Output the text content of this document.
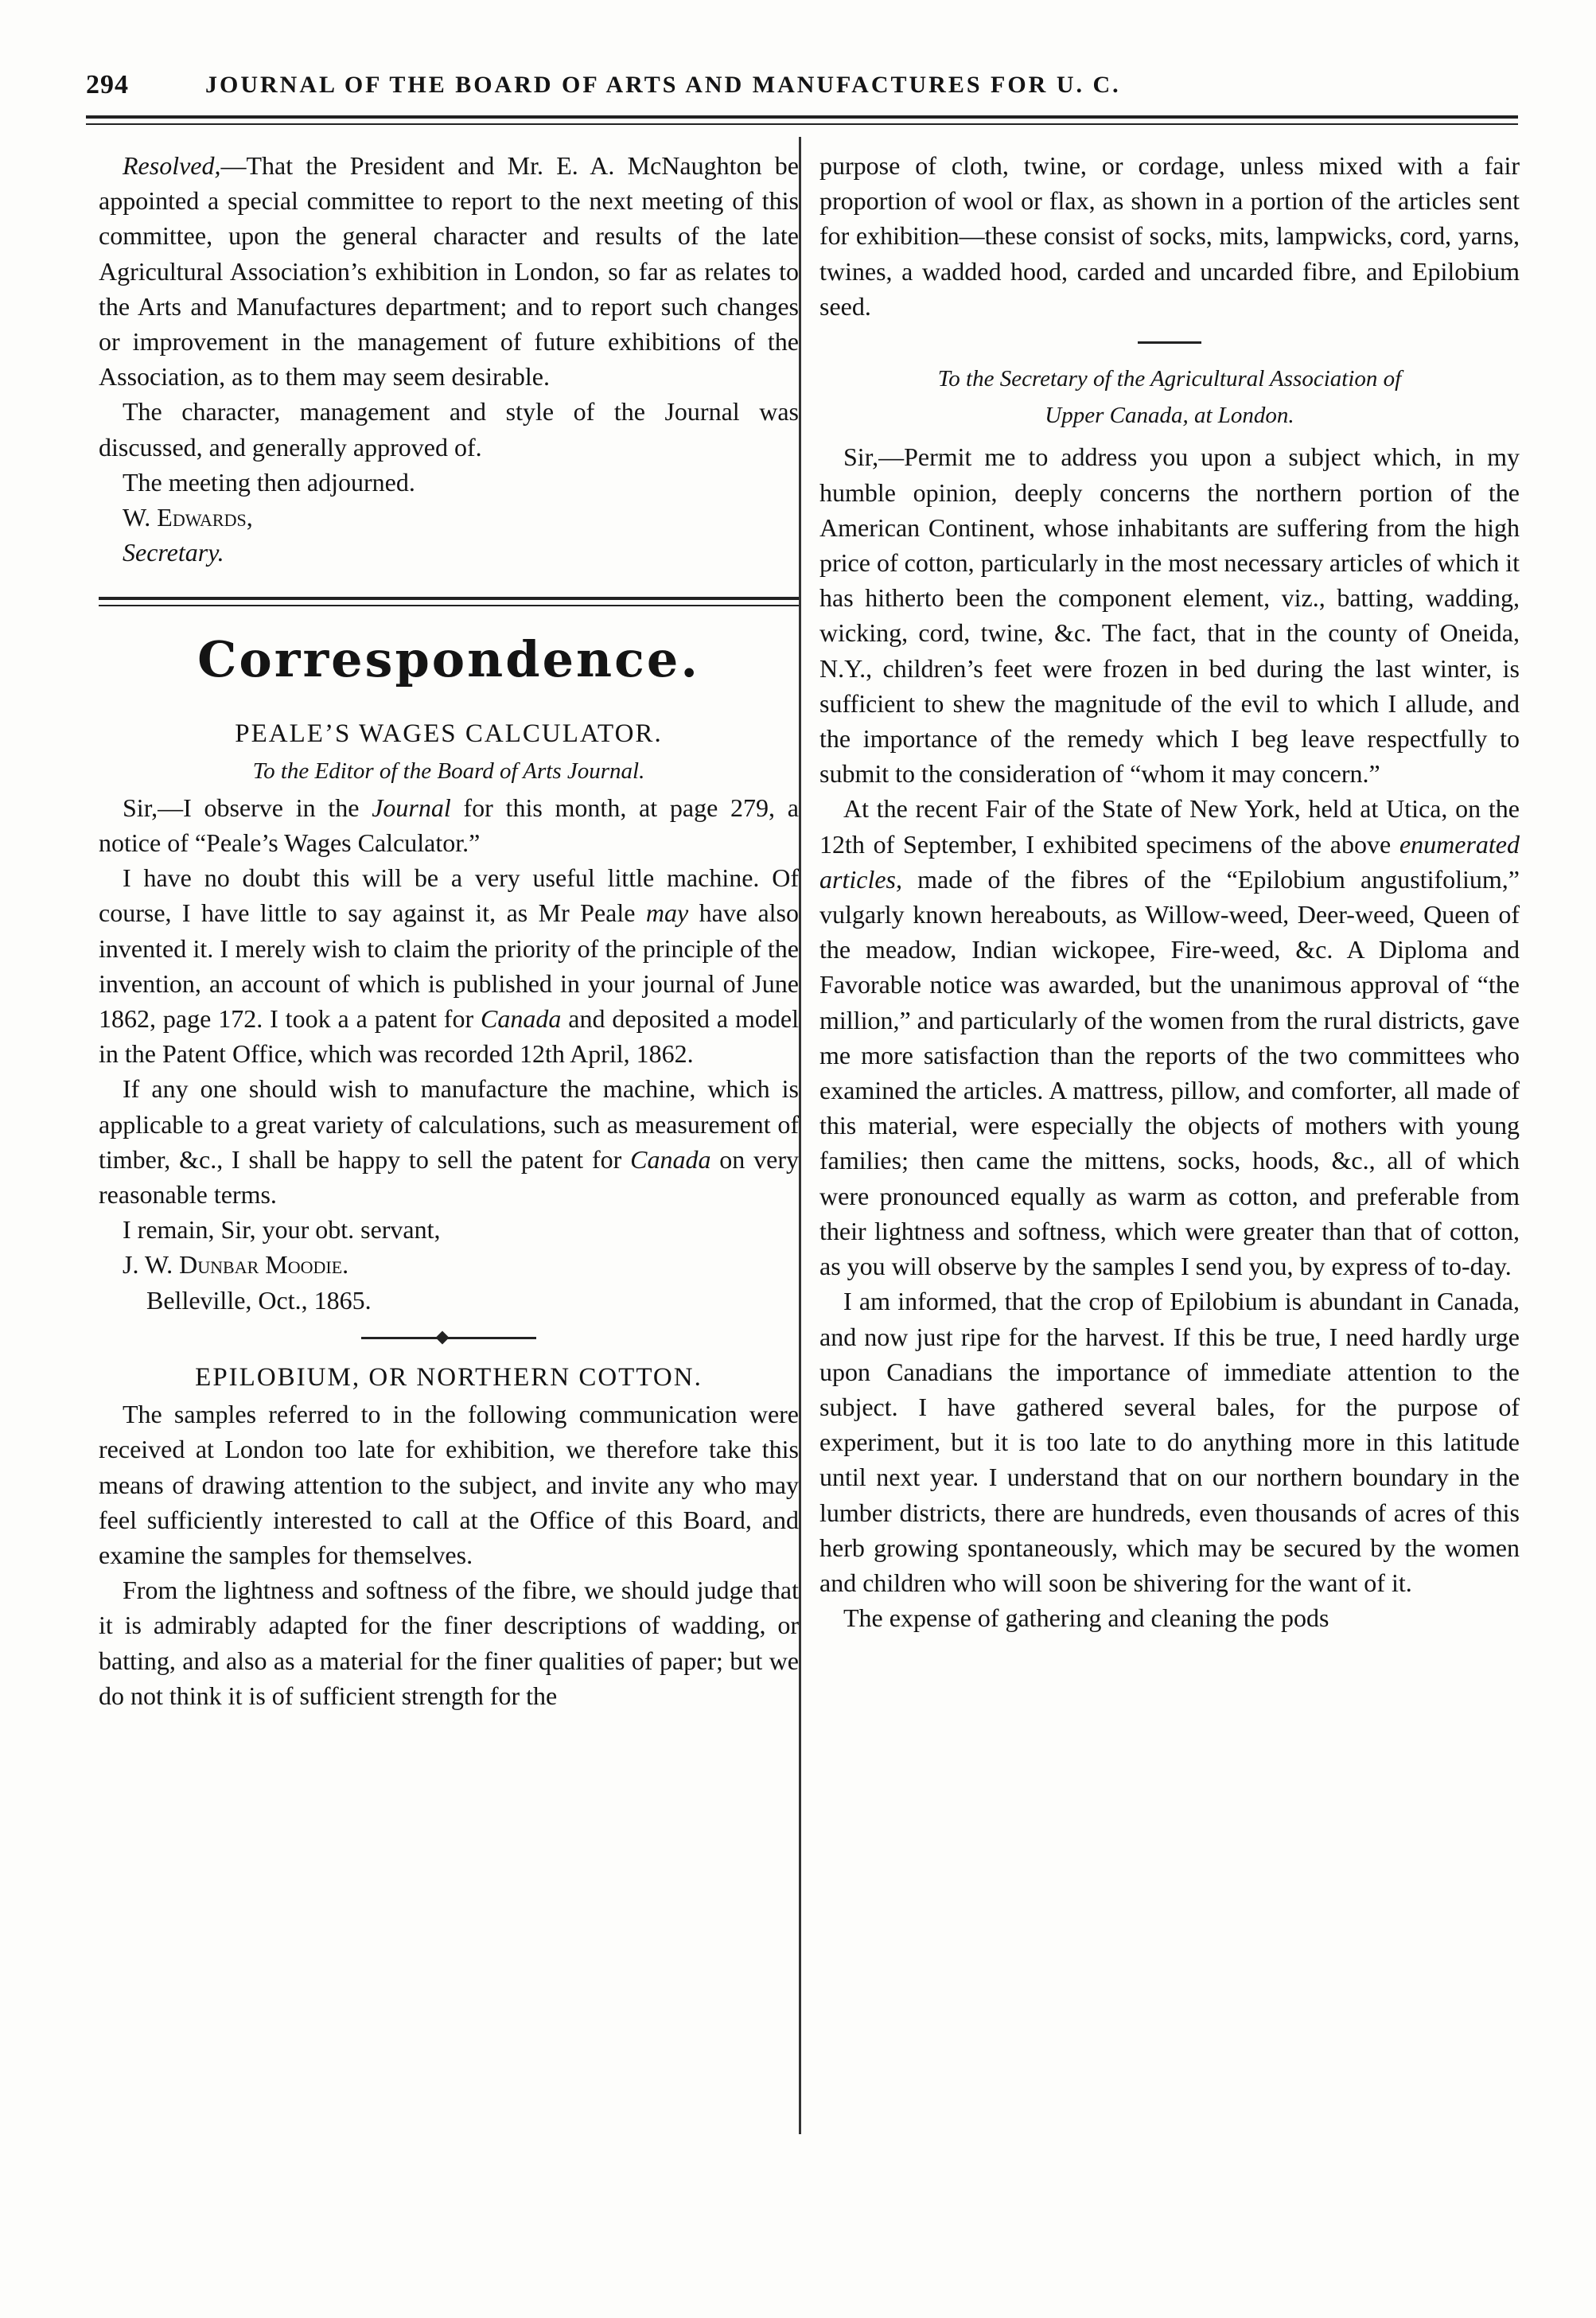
294	JOURNAL OF THE BOARD OF ARTS AND MANUFACTURES FOR U. C.

Resolved,—That the President and Mr. E. A. McNaughton be appointed a special committee to report to the next meeting of this committee, upon the general character and results of the late Agricultural Association’s exhibition in London, so far as relates to the Arts and Manufactures department; and to report such changes or improvement in the management of future exhibitions of the Association, as to them may seem desirable.

The character, management and style of the Journal was discussed, and generally approved of.

The meeting then adjourned.

W. Edwards,

Secretary.

Correspondence.
PEALE’S WAGES CALCULATOR.
To the Editor of the Board of Arts Journal.

Sir,—I observe in the Journal for this month, at page 279, a notice of “Peale’s Wages Calculator.”

I have no doubt this will be a very useful little machine. Of course, I have little to say against it, as Mr Peale may have also invented it. I merely wish to claim the priority of the principle of the invention, an account of which is published in your journal of June 1862, page 172. I took a a patent for Canada and deposited a model in the Patent Office, which was recorded 12th April, 1862.

If any one should wish to manufacture the machine, which is applicable to a great variety of calculations, such as measurement of timber, &c., I shall be happy to sell the patent for Canada on very reasonable terms.

I remain, Sir, your obt. servant,

J. W. Dunbar Moodie.

Belleville, Oct., 1865.

EPILOBIUM, OR NORTHERN COTTON.

The samples referred to in the following communication were received at London too late for exhibition, we therefore take this means of drawing attention to the subject, and invite any who may feel sufficiently interested to call at the Office of this Board, and examine the samples for themselves.

From the lightness and softness of the fibre, we should judge that it is admirably adapted for the finer descriptions of wadding, or batting, and also as a material for the finer qualities of paper; but we do not think it is of sufficient strength for the

purpose of cloth, twine, or cordage, unless mixed with a fair proportion of wool or flax, as shown in a portion of the articles sent for exhibition—these consist of socks, mits, lampwicks, cord, yarns, twines, a wadded hood, carded and uncarded fibre, and Epilobium seed.

To the Secretary of the Agricultural Association of
Upper Canada, at London.

Sir,—Permit me to address you upon a subject which, in my humble opinion, deeply concerns the northern portion of the American Continent, whose inhabitants are suffering from the high price of cotton, particularly in the most necessary articles of which it has hitherto been the component element, viz., batting, wadding, wicking, cord, twine, &c. The fact, that in the county of Oneida, N.Y., children’s feet were frozen in bed during the last winter, is sufficient to shew the magnitude of the evil to which I allude, and the importance of the remedy which I beg leave respectfully to submit to the consideration of “whom it may concern.”

At the recent Fair of the State of New York, held at Utica, on the 12th of September, I exhibited specimens of the above enumerated articles, made of the fibres of the “Epilobium angustifolium,” vulgarly known hereabouts, as Willow-weed, Deer-weed, Queen of the meadow, Indian wickopee, Fire-weed, &c. A Diploma and Favorable notice was awarded, but the unanimous approval of “the million,” and particularly of the women from the rural districts, gave me more satisfaction than the reports of the two committees who examined the articles. A mattress, pillow, and comforter, all made of this material, were especially the objects of mothers with young families; then came the mittens, socks, hoods, &c., all of which were pronounced equally as warm as cotton, and preferable from their lightness and softness, which were greater than that of cotton, as you will observe by the samples I send you, by express of to-day.

I am informed, that the crop of Epilobium is abundant in Canada, and now just ripe for the harvest. If this be true, I need hardly urge upon Canadians the importance of immediate attention to the subject. I have gathered several bales, for the purpose of experiment, but it is too late to do anything more in this latitude until next year. I understand that on our northern boundary in the lumber districts, there are hundreds, even thousands of acres of this herb growing spontaneously, which may be secured by the women and children who will soon be shivering for the want of it.

The expense of gathering and cleaning the pods
